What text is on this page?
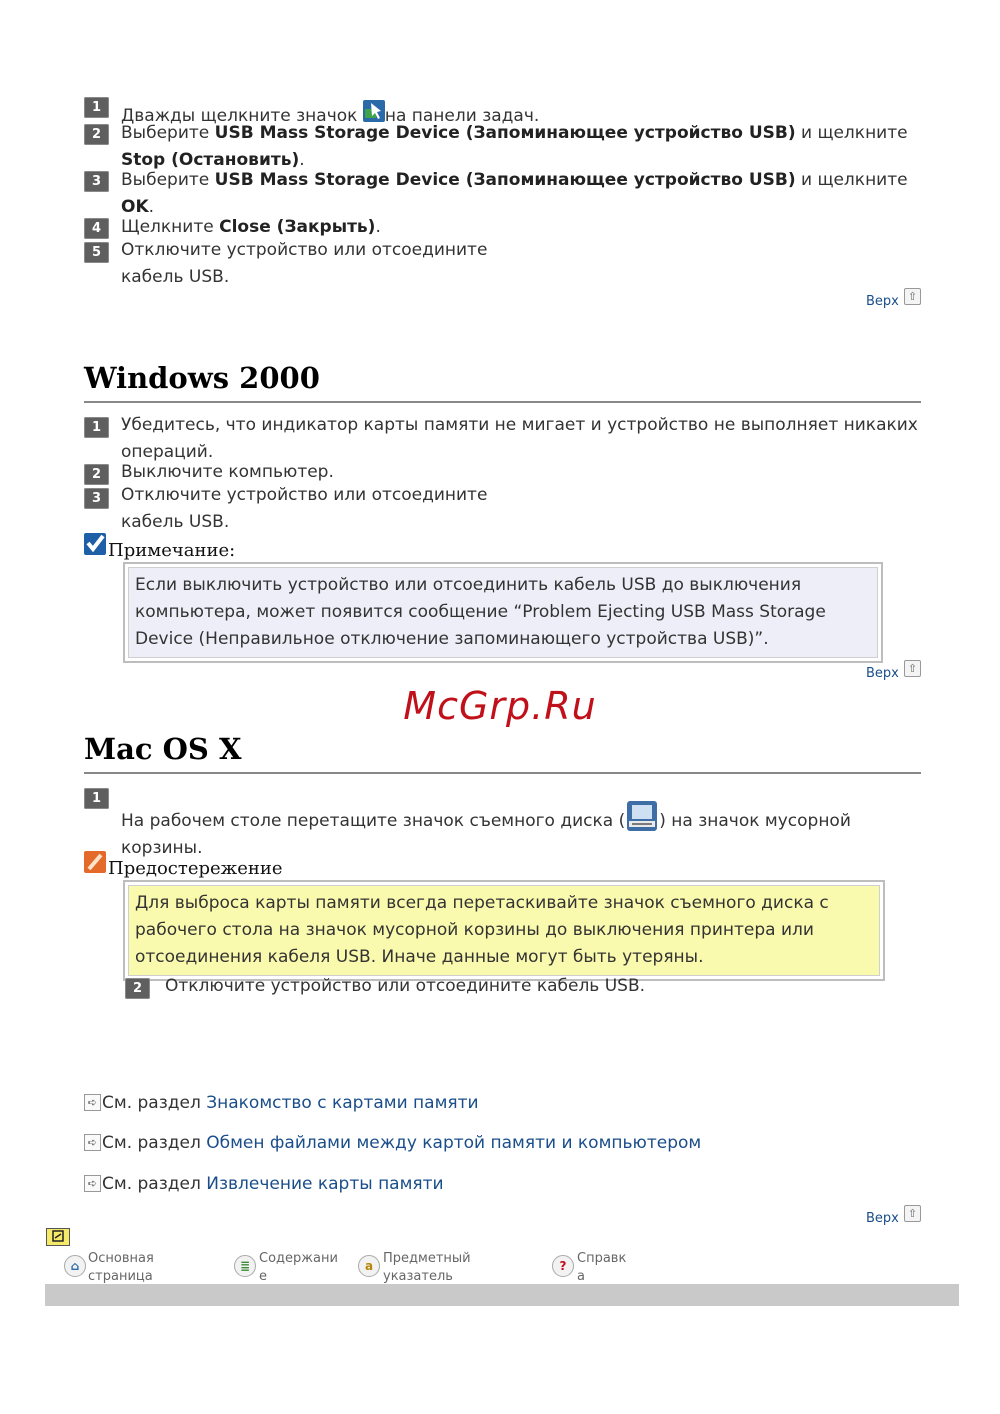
1	Дважды щелкните значок на панели задач.
2	Выберите USB Mass Storage Device (Запоминающее устройство USB) и щелкните
Stop (Остановить).
3	Выберите USB Mass Storage Device (Запоминающее устройство USB) и щелкните
OK.
4	Щелкните Close (Закрыть).
5	Отключите устройство или отсоедините
кабель USB.
Верх ⇧
Windows 2000
1	Убедитесь, что индикатор карты памяти не мигает и устройство не выполняет никаких
операций.
2	Выключите компьютер.
3	Отключите устройство или отсоедините
кабель USB.
Примечание:
Если выключить устройство или отсоединить кабель USB до выключения
компьютера, может появится сообщение “Problem Ejecting USB Mass Storage
Device (Неправильное отключение запоминающего устройства USB)”.
Верх ⇧
McGrp.Ru
Mac OS X
1
На рабочем столе перетащите значок съемного диска ( ) на значок мусорной
корзины.
Предостережение
Для выброса карты памяти всегда перетаскивайте значок съемного диска с
рабочего стола на значок мусорной корзины до выключения принтера или
отсоединения кабеля USB. Иначе данные могут быть утеряны.
2	Отключите устройство или отсоедините кабель USB.
➪ См. раздел Знакомство с картами памяти
➪ См. раздел Обмен файлами между картой памяти и компьютером
➪ См. раздел Извлечение карты памяти
Верх ⇧
⌂ Основная
страница
≣ Содержани
е
a Предметный
указатель
? Справк
а
